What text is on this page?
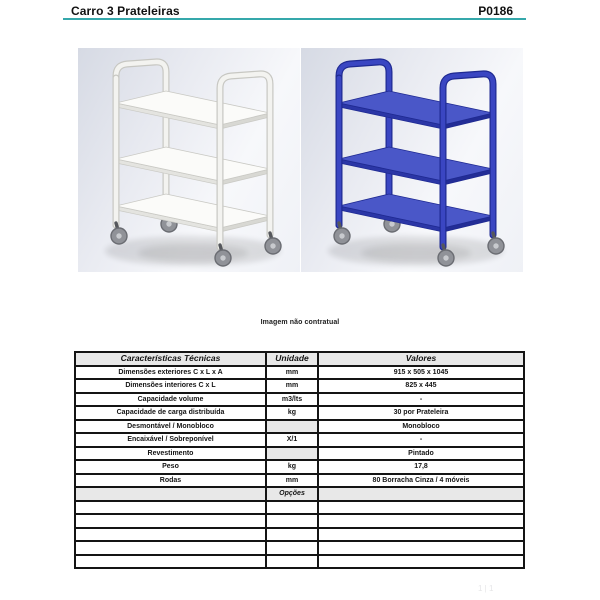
Carro 3 Prateleiras	P0186
Imagem não contratual
Características Técnicas	Unidade	Valores
Dimensões exteriores C x L x A	mm	915 x 505 x 1045
Dimensões interiores C x L	mm	825 x 445
Capacidade volume	m3/lts	-
Capacidade de carga distribuída	kg	30 por Prateleira
Desmontável / Monobloco		Monobloco
Encaixável / Sobreponível	X/1	-
Revestimento		Pintado
Peso	kg	17,8
Rodas	mm	80 Borracha Cinza / 4 móveis
	Opções	

1 | 1
